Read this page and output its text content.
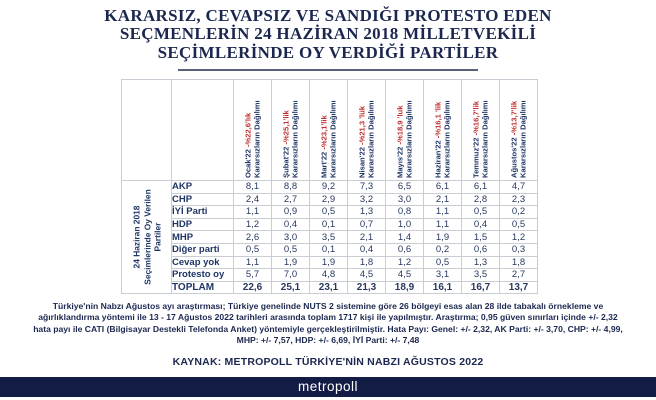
KARARSIZ, CEVAPSIZ VE SANDIĞI PROTESTO EDEN
SEÇMENLERİN 24 HAZİRAN 2018 MİLLETVEKİLİ
SEÇİMLERİNDE OY VERDİĞİ PARTİLER

		Ocak'22 -%22,6'lık Kararsızların Dağılımı	Şubat'22 -%25,1'lik Kararsızların Dağılımı	Mart'22 -%23,1'lik Kararsızların Dağılımı	Nisan'22 -%21,3 'lük Kararsızların Dağılımı	Mayıs'22 -%18,9 'luk Kararsızların Dağılımı	Haziran'22 -%16,1 'lik Kararsızların Dağılımı	Temmuz'22 -%16,7'lik Kararsızların Dağılımı	Ağustos'22 -%13,7'lik Kararsızların Dağılımı

24 Haziran 2018 Seçimlerinde Oy Verilen Partiler	AKP	8,1	8,8	9,2	7,3	6,5	6,1	6,1	4,7
	CHP	2,4	2,7	2,9	3,2	3,0	2,1	2,8	2,3
	İYİ Parti	1,1	0,9	0,5	1,3	0,8	1,1	0,5	0,2
	HDP	1,2	0,4	0,1	0,7	1,0	1,1	0,4	0,5
	MHP	2,6	3,0	3,5	2,1	1,4	1,9	1,5	1,2
	Diğer parti	0,5	0,5	0,1	0,4	0,6	0,2	0,6	0,3
	Cevap yok	1,1	1,9	1,9	1,8	1,2	0,5	1,3	1,8
	Protesto oy	5,7	7,0	4,8	4,5	4,5	3,1	3,5	2,7
	TOPLAM	22,6	25,1	23,1	21,3	18,9	16,1	16,7	13,7
Türkiye'nin Nabzı Ağustos ayı araştırması; Türkiye genelinde NUTS 2 sistemine göre 26 bölgeyi esas alan 28 ilde tabakalı örnekleme ve ağırlıklandırma yöntemi ile 13 - 17 Ağustos 2022 tarihleri arasında toplam 1717 kişi ile yapılmıştır. Araştırma; 0,95 güven sınırları içinde +/- 2,32 hata payı ile CATI (Bilgisayar Destekli Telefonda Anket) yöntemiyle gerçekleştirilmiştir. Hata Payı: Genel: +/- 2,32, AK Parti: +/- 3,70, CHP: +/- 4,99, MHP: +/- 7,57, HDP: +/- 6,69, İYİ Parti: +/- 7,48
KAYNAK: METROPOLL TÜRKİYE'NİN NABZI AĞUSTOS 2022
metropoll
